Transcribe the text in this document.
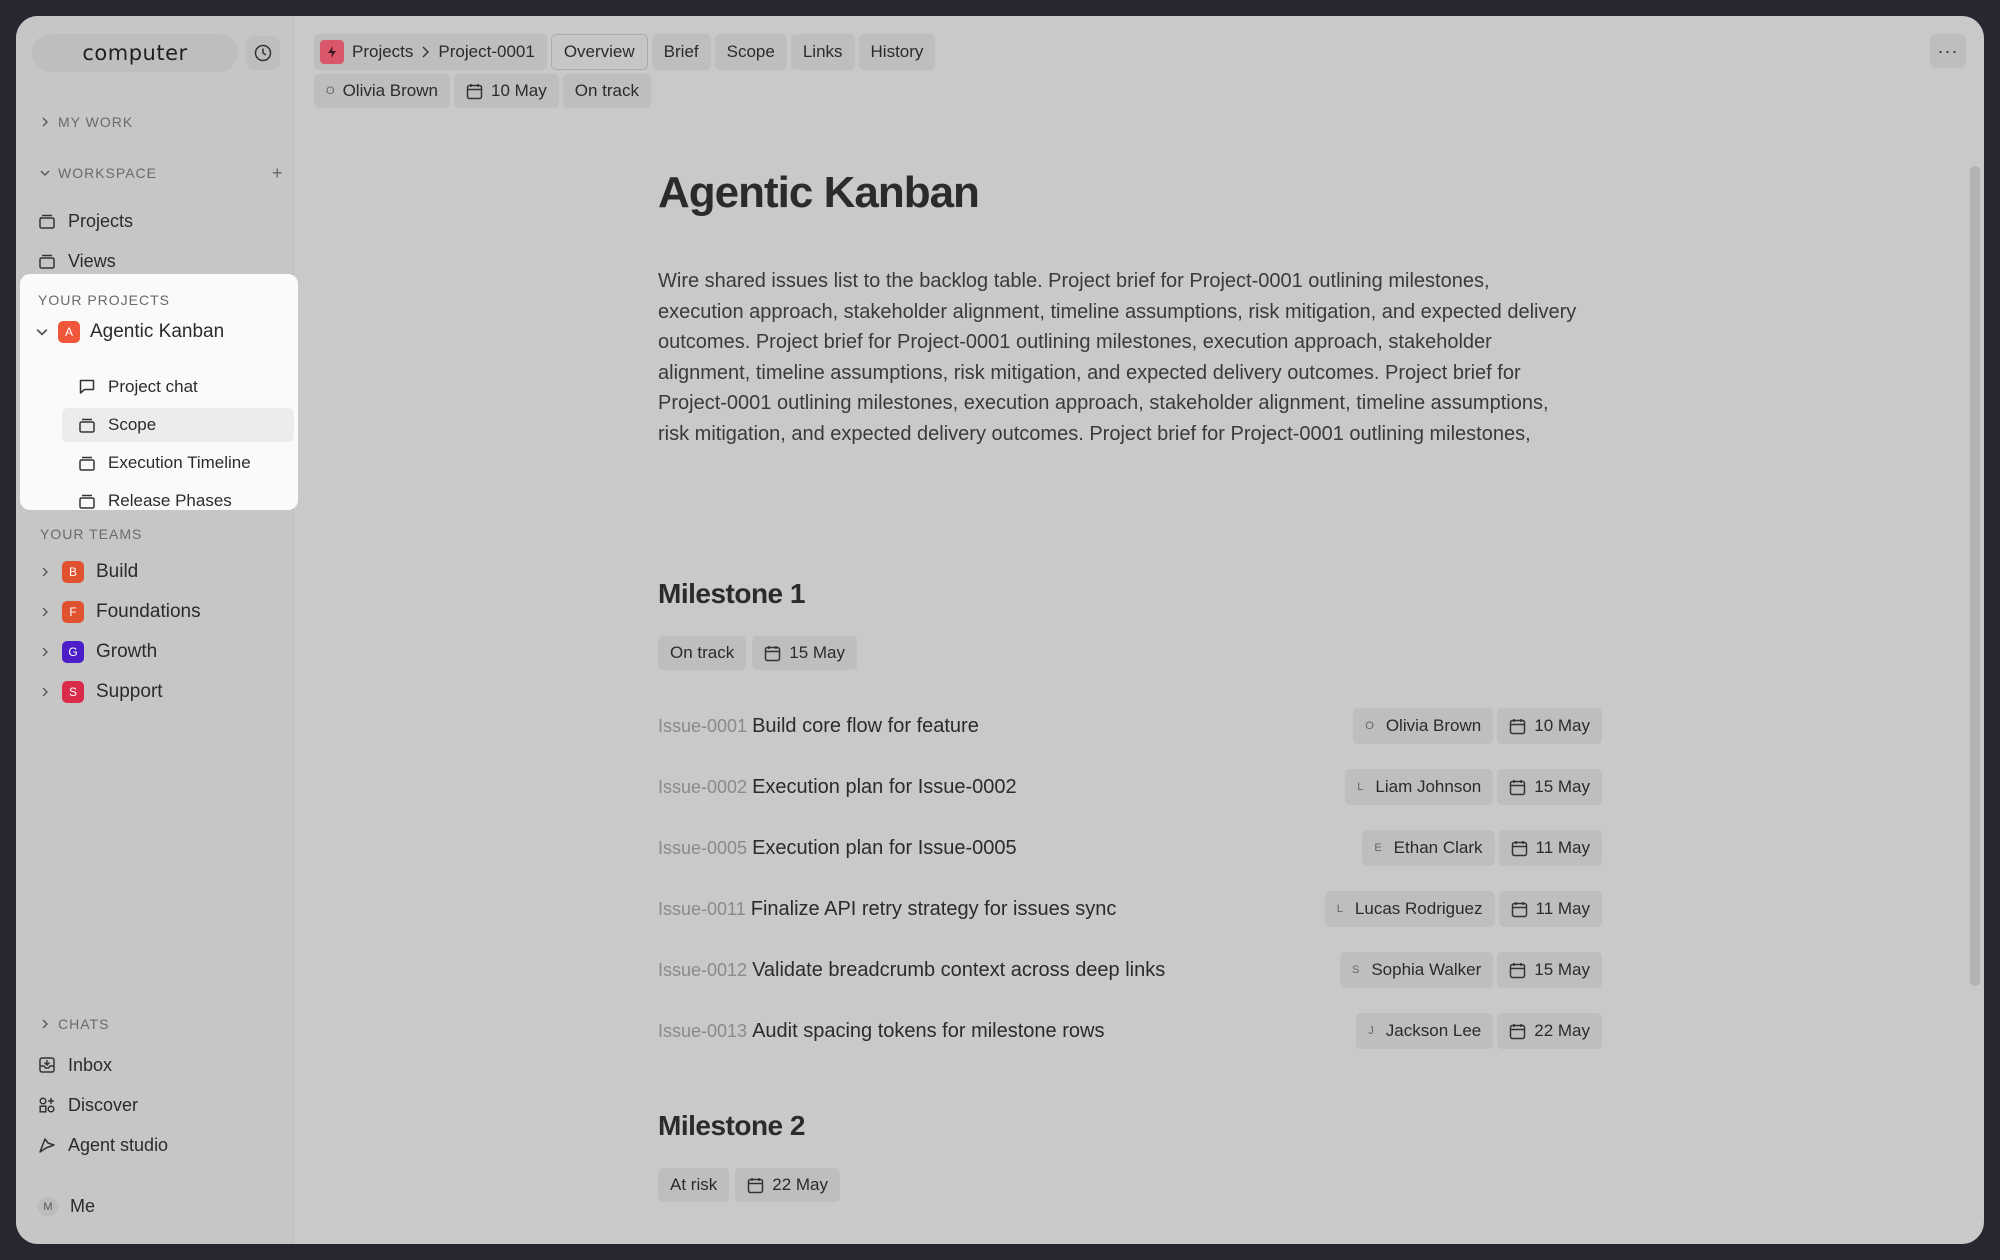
computer
MY WORK
WORKSPACE	+
Projects
Views
YOUR PROJECTS
A Agentic Kanban
Project chat
Scope
Execution Timeline
Release Phases
YOUR TEAMS
B	Build
F	Foundations
G Growth
S	Support
CHATS
Inbox
Discover
Agent studio
M Me
Projects Project-0001	Overview	Brief	Scope	Links	History
O Olivia Brown	10 May	On track
···
Agentic Kanban
Wire shared issues list to the backlog table. Project brief for Project-0001 outlining milestones, execution approach, stakeholder alignment, timeline assumptions, risk mitigation, and expected delivery outcomes. Project brief for Project-0001 outlining milestones, execution approach, stakeholder alignment, timeline assumptions, risk mitigation, and expected delivery outcomes. Project brief for Project-0001 outlining milestones, execution approach, stakeholder alignment, timeline assumptions, risk mitigation, and expected delivery outcomes. Project brief for Project-0001 outlining milestones,
Milestone 1
On track	15 May
Issue-0001 Build core flow for feature	O Olivia Brown	10 May
Issue-0002 Execution plan for Issue-0002	L Liam Johnson	15 May
Issue-0005 Execution plan for Issue-0005	E Ethan Clark	11 May
Issue-0011 Finalize API retry strategy for issues sync	L Lucas Rodriguez	11 May
Issue-0012 Validate breadcrumb context across deep links	S Sophia Walker	15 May
Issue-0013 Audit spacing tokens for milestone rows	J Jackson Lee	22 May
Milestone 2
At risk	22 May
